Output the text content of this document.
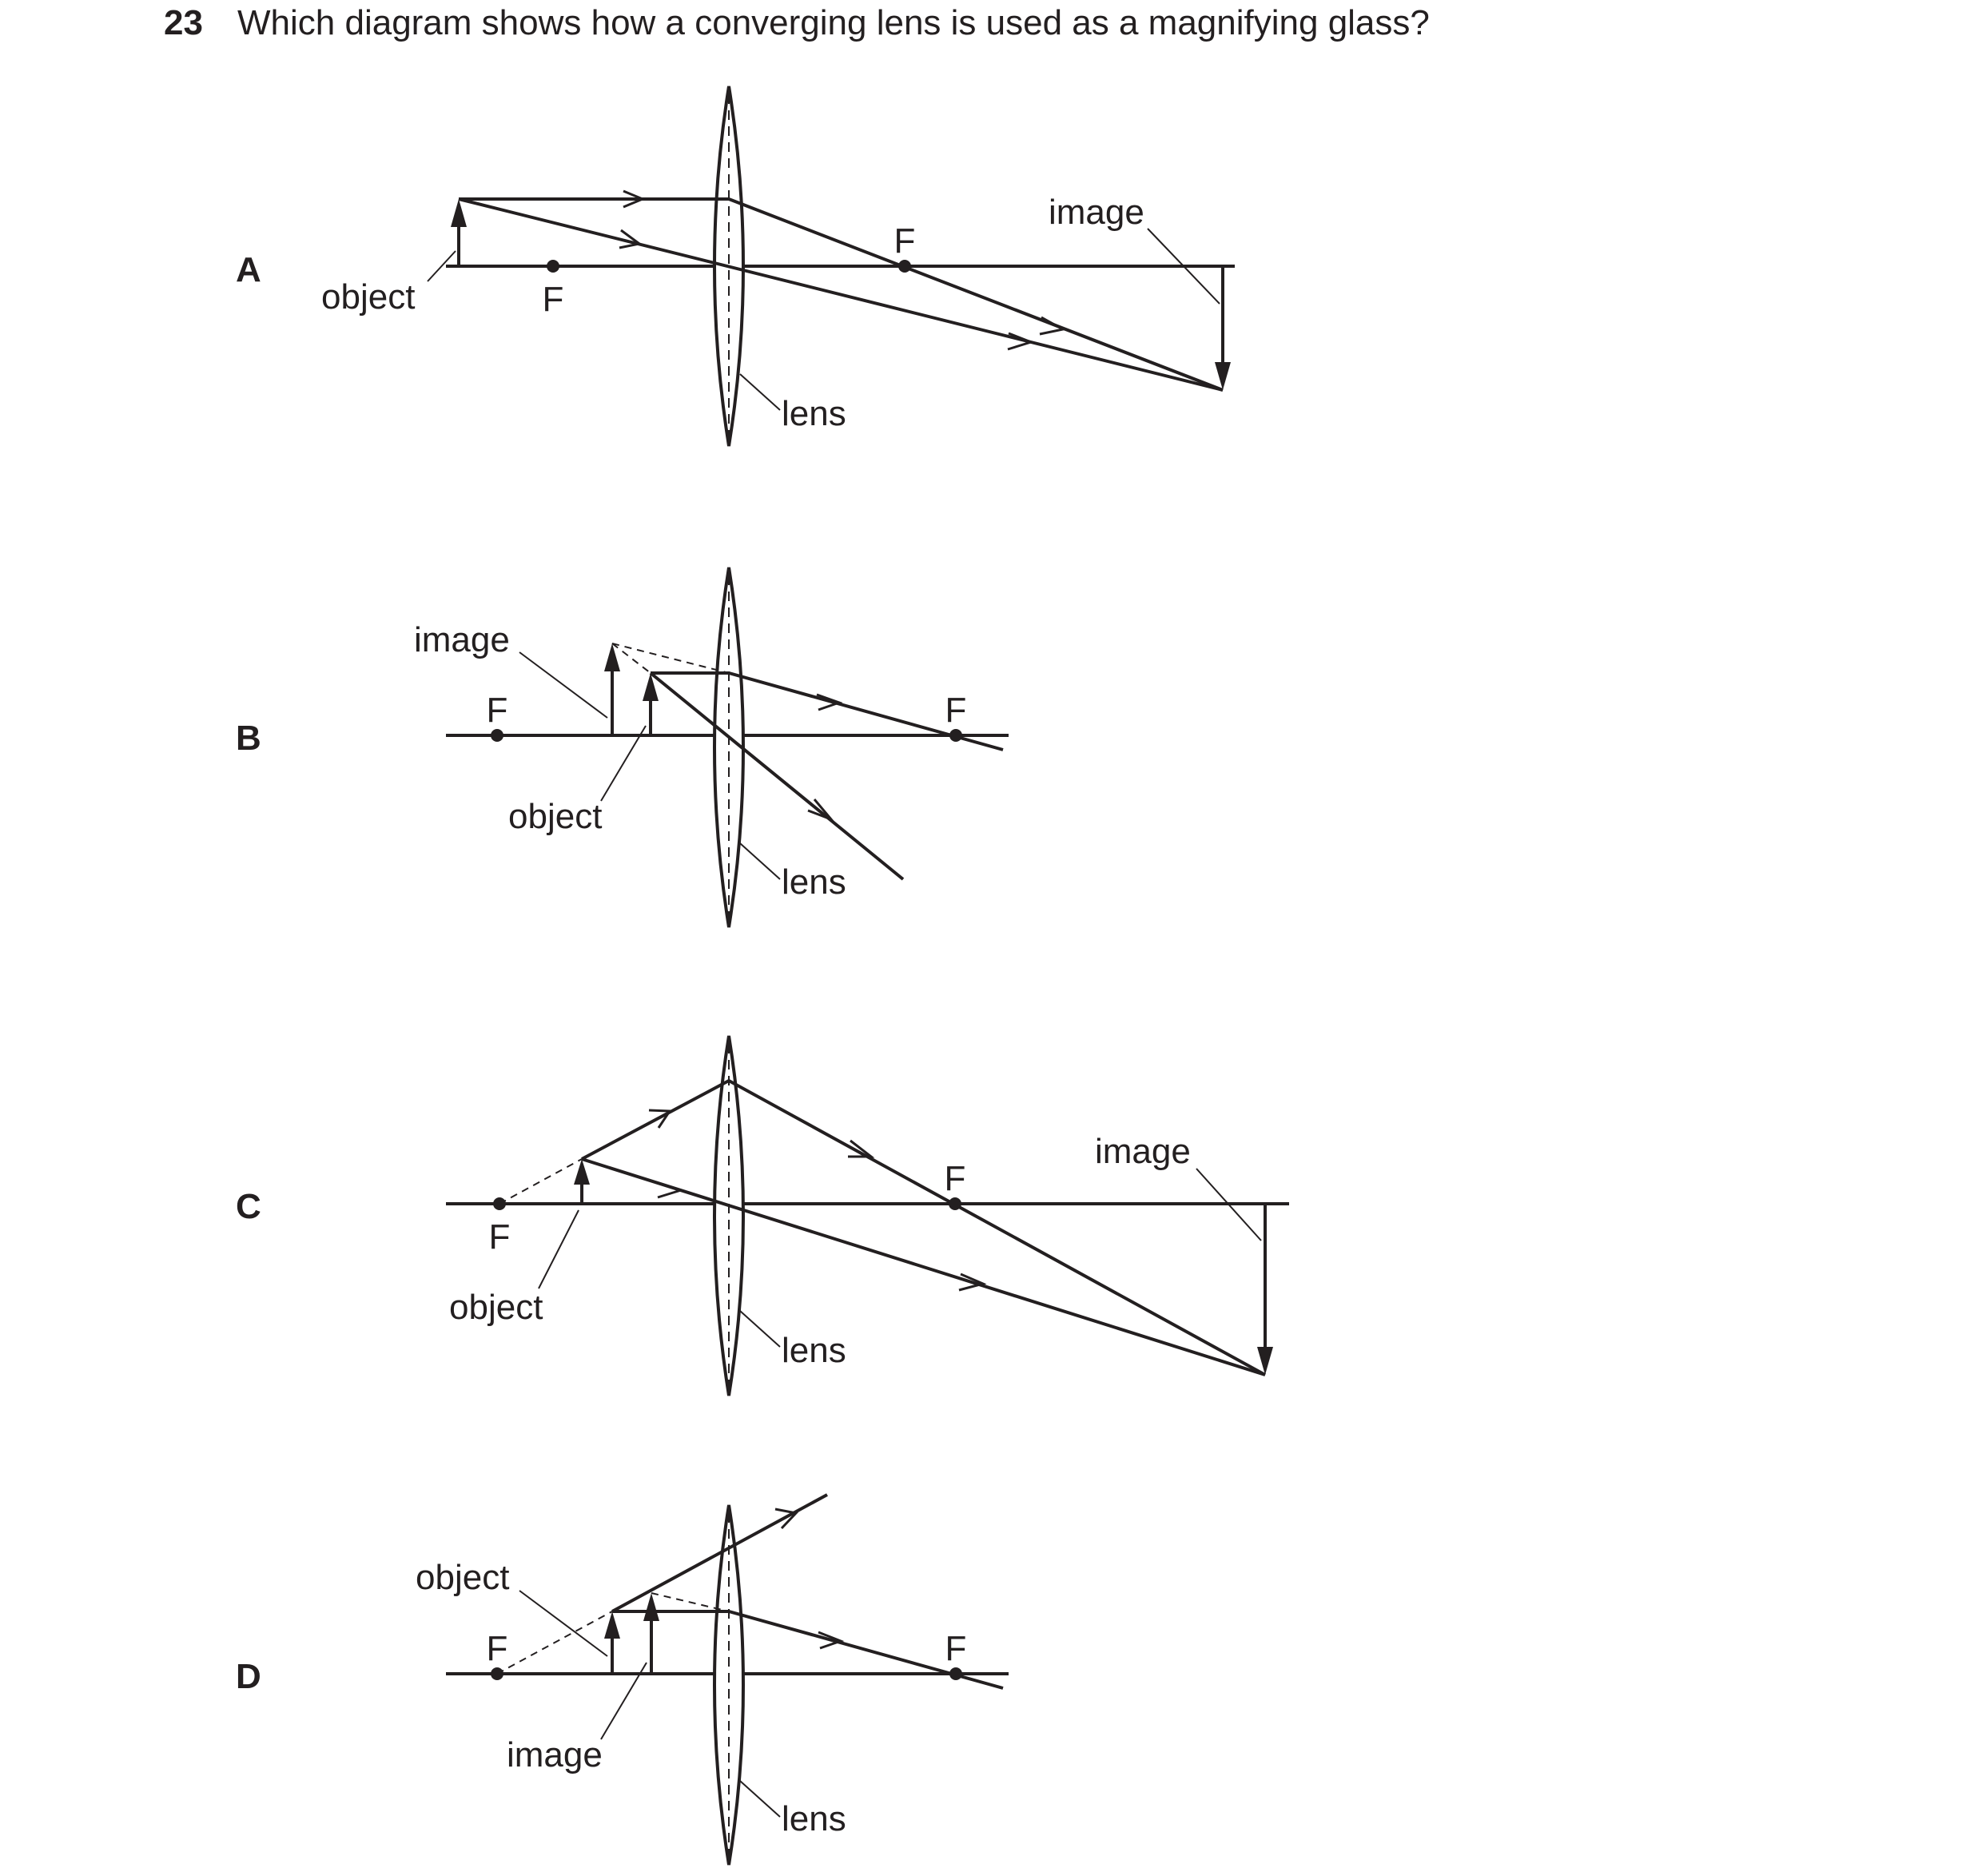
23 Which diagram shows how a converging lens is used as a magnifying glass?
A
F
F
object
image
lens
B
F	F
image
object
lens
C
F
F
object
image
lens
D
F	F
object
image
lens
